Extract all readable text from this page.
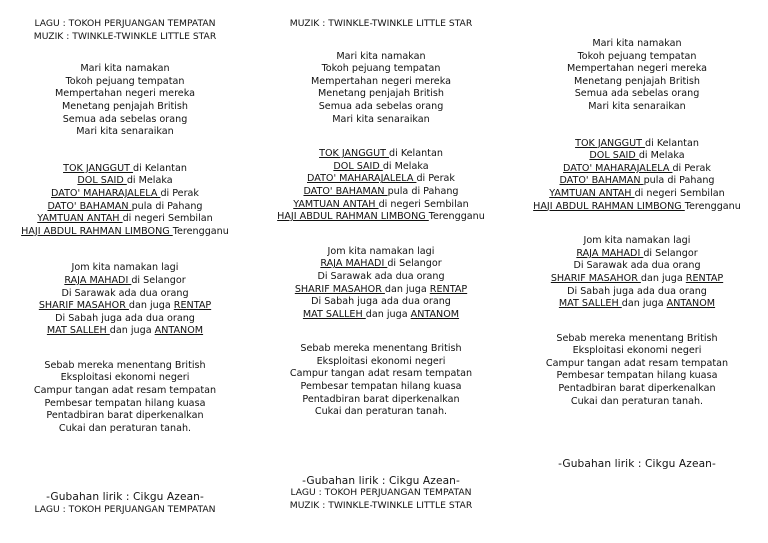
LAGU : TOKOH PERJUANGAN TEMPATAN
MUZIK : TWINKLE-TWINKLE LITTLE STAR
Mari kita namakan
Tokoh pejuang tempatan
Mempertahan negeri mereka
Menetang penjajah British
Semua ada sebelas orang
Mari kita senaraikan
TOK JANGGUT di Kelantan
DOL SAID di Melaka
DATO' MAHARAJALELA di Perak
DATO' BAHAMAN pula di Pahang
YAMTUAN ANTAH di negeri Sembilan
HAJI ABDUL RAHMAN LIMBONG Terengganu
Jom kita namakan lagi
RAJA MAHADI di Selangor
Di Sarawak ada dua orang
SHARIF MASAHOR dan juga RENTAP
Di Sabah juga ada dua orang
MAT SALLEH dan juga ANTANOM
Sebab mereka menentang British
Eksploitasi ekonomi negeri
Campur tangan adat resam tempatan
Pembesar tempatan hilang kuasa
Pentadbiran barat diperkenalkan
Cukai dan peraturan tanah.
-Gubahan lirik : Cikgu Azean-
LAGU : TOKOH PERJUANGAN TEMPATAN
MUZIK : TWINKLE-TWINKLE LITTLE STAR
Mari kita namakan
Tokoh pejuang tempatan
Mempertahan negeri mereka
Menetang penjajah British
Semua ada sebelas orang
Mari kita senaraikan
TOK JANGGUT di Kelantan
DOL SAID di Melaka
DATO' MAHARAJALELA di Perak
DATO' BAHAMAN pula di Pahang
YAMTUAN ANTAH di negeri Sembilan
HAJI ABDUL RAHMAN LIMBONG Terengganu
Jom kita namakan lagi
RAJA MAHADI di Selangor
Di Sarawak ada dua orang
SHARIF MASAHOR dan juga RENTAP
Di Sabah juga ada dua orang
MAT SALLEH dan juga ANTANOM
Sebab mereka menentang British
Eksploitasi ekonomi negeri
Campur tangan adat resam tempatan
Pembesar tempatan hilang kuasa
Pentadbiran barat diperkenalkan
Cukai dan peraturan tanah.
-Gubahan lirik : Cikgu Azean-
LAGU : TOKOH PERJUANGAN TEMPATAN
MUZIK : TWINKLE-TWINKLE LITTLE STAR
Mari kita namakan
Tokoh pejuang tempatan
Mempertahan negeri mereka
Menetang penjajah British
Semua ada sebelas orang
Mari kita senaraikan
TOK JANGGUT di Kelantan
DOL SAID di Melaka
DATO' MAHARAJALELA di Perak
DATO' BAHAMAN pula di Pahang
YAMTUAN ANTAH di negeri Sembilan
HAJI ABDUL RAHMAN LIMBONG Terengganu
Jom kita namakan lagi
RAJA MAHADI di Selangor
Di Sarawak ada dua orang
SHARIF MASAHOR dan juga RENTAP
Di Sabah juga ada dua orang
MAT SALLEH dan juga ANTANOM
Sebab mereka menentang British
Eksploitasi ekonomi negeri
Campur tangan adat resam tempatan
Pembesar tempatan hilang kuasa
Pentadbiran barat diperkenalkan
Cukai dan peraturan tanah.
-Gubahan lirik : Cikgu Azean-
